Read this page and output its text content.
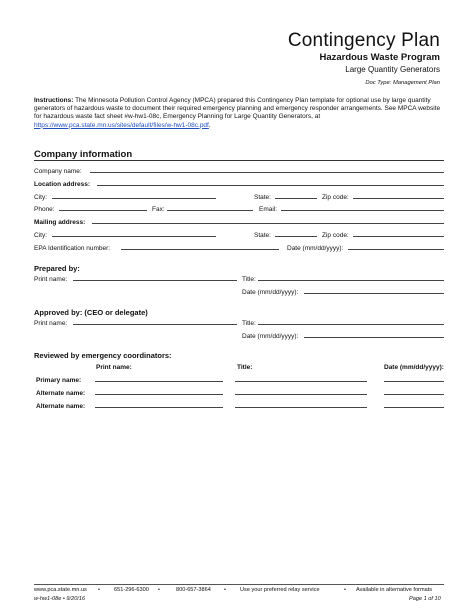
Contingency Plan
Hazardous Waste Program
Large Quantity Generators
Doc Type: Management Plan
Instructions: The Minnesota Pollution Control Agency (MPCA) prepared this Contingency Plan template for optional use by large quantity generators of hazardous waste to document their required emergency planning and emergency responder arrangements. See MPCA website for hazardous waste fact sheet #w-hw1-08c, Emergency Planning for Large Quantity Generators, at
https://www.pca.state.mn.us/sites/default/files/w-hw1-08c.pdf.
Company information
Company name:
Location address:
City:	State:	Zip code:
Phone:	Fax:	Email:
Mailing address:
City:	State:	Zip code:
EPA Identification number:	Date (mm/dd/yyyy):
Prepared by:
Print name:	Title:
Date (mm/dd/yyyy):
Approved by: (CEO or delegate)
Print name:	Title:
Date (mm/dd/yyyy):
Reviewed by emergency coordinators:
Print name:	Title:	Date (mm/dd/yyyy):
Primary name:
Alternate name:
Alternate name:
www.pca.state.mn.us •	651-296-6300 •	800-657-3864 •	Use your preferred relay service	• Available in alternative formats
w-hw1-08e • 9/20/16	Page 1 of 10
